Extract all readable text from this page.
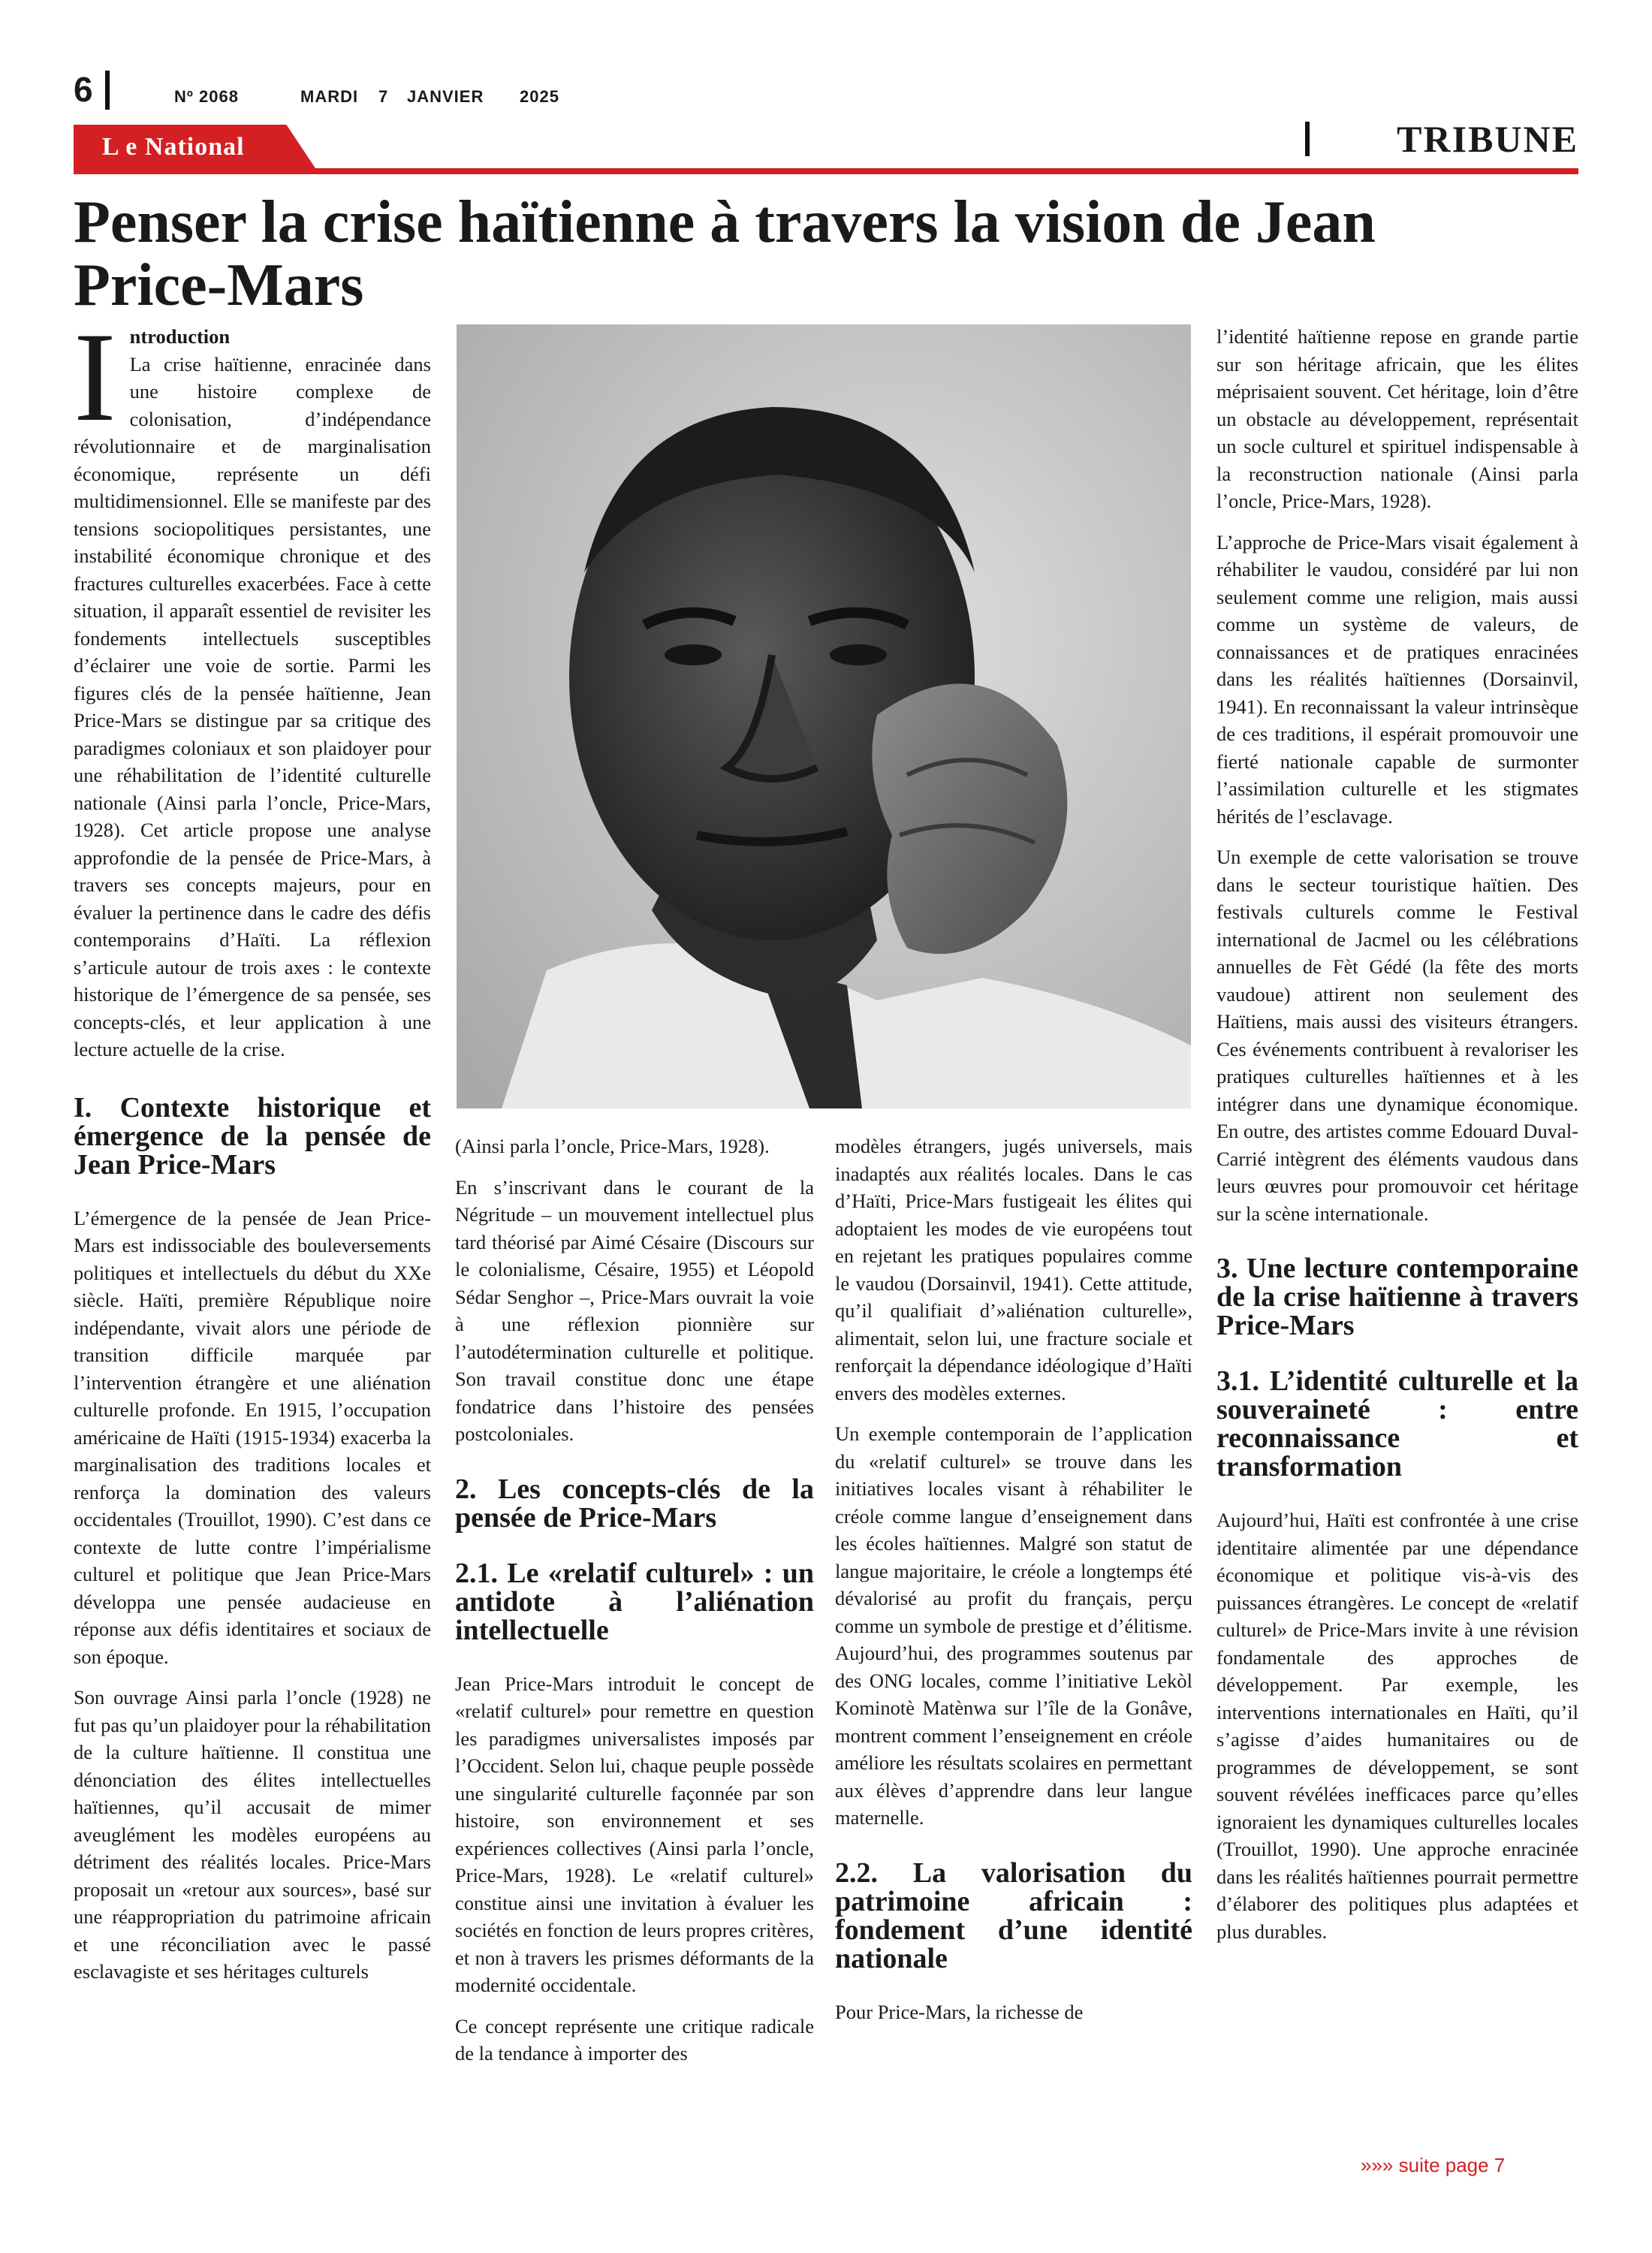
6	Nº 2068	MARDI 7 JANVIER 2025
L e National	TRIBUNE
Penser la crise haïtienne à travers la vision de Jean Price-Mars

I ntroduction
La crise haïtienne, enracinée dans une histoire complexe de colonisation, d’indépendance révolutionnaire et de marginalisation économique, représente un défi multidimensionnel. Elle se manifeste par des tensions sociopolitiques persistantes, une instabilité économique chronique et des fractures culturelles exacerbées. Face à cette situation, il apparaît essentiel de revisiter les fondements intellectuels susceptibles d’éclairer une voie de sortie. Parmi les figures clés de la pensée haïtienne, Jean Price-Mars se distingue par sa critique des paradigmes coloniaux et son plaidoyer pour une réhabilitation de l’identité culturelle nationale (Ainsi parla l’oncle, Price-Mars, 1928). Cet article propose une analyse approfondie de la pensée de Price-Mars, à travers ses concepts majeurs, pour en évaluer la pertinence dans le cadre des défis contemporains d’Haïti. La réflexion s’articule autour de trois axes : le contexte historique de l’émergence de sa pensée, ses concepts-clés, et leur application à une lecture actuelle de la crise.

I. Contexte historique et émergence de la pensée de Jean Price-Mars

L’émergence de la pensée de Jean Price-Mars est indissociable des bouleversements politiques et intellectuels du début du XXe siècle. Haïti, première République noire indépendante, vivait alors une période de transition difficile marquée par l’intervention étrangère et une aliénation culturelle profonde. En 1915, l’occupation américaine de Haïti (1915-1934) exacerba la marginalisation des traditions locales et renforça la domination des valeurs occidentales (Trouillot, 1990). C’est dans ce contexte de lutte contre l’impérialisme culturel et politique que Jean Price-Mars développa une pensée audacieuse en réponse aux défis identitaires et sociaux de son époque.

Son ouvrage Ainsi parla l’oncle (1928) ne fut pas qu’un plaidoyer pour la réhabilitation de la culture haïtienne. Il constitua une dénonciation des élites intellectuelles haïtiennes, qu’il accusait de mimer aveuglément les modèles européens au détriment des réalités locales. Price-Mars proposait un «retour aux sources», basé sur une réappropriation du patrimoine africain et une réconciliation avec le passé esclavagiste et ses héritages culturels

(Ainsi parla l’oncle, Price-Mars, 1928).

En s’inscrivant dans le courant de la Négritude – un mouvement intellectuel plus tard théorisé par Aimé Césaire (Discours sur le colonialisme, Césaire, 1955) et Léopold Sédar Senghor –, Price-Mars ouvrait la voie à une réflexion pionnière sur l’autodétermination culturelle et politique. Son travail constitue donc une étape fondatrice dans l’histoire des pensées postcoloniales.

2. Les concepts-clés de la pensée de Price-Mars
2.1. Le «relatif culturel» : un antidote à l’aliénation intellectuelle

Jean Price-Mars introduit le concept de «relatif culturel» pour remettre en question les paradigmes universalistes imposés par l’Occident. Selon lui, chaque peuple possède une singularité culturelle façonnée par son histoire, son environnement et ses expériences collectives (Ainsi parla l’oncle, Price-Mars, 1928). Le «relatif culturel» constitue ainsi une invitation à évaluer les sociétés en fonction de leurs propres critères, et non à travers les prismes déformants de la modernité occidentale.

Ce concept représente une critique radicale de la tendance à importer des

modèles étrangers, jugés universels, mais inadaptés aux réalités locales. Dans le cas d’Haïti, Price-Mars fustigeait les élites qui adoptaient les modes de vie européens tout en rejetant les pratiques populaires comme le vaudou (Dorsainvil, 1941). Cette attitude, qu’il qualifiait d’»aliénation culturelle», alimentait, selon lui, une fracture sociale et renforçait la dépendance idéologique d’Haïti envers des modèles externes.

Un exemple contemporain de l’application du «relatif culturel» se trouve dans les initiatives locales visant à réhabiliter le créole comme langue d’enseignement dans les écoles haïtiennes. Malgré son statut de langue majoritaire, le créole a longtemps été dévalorisé au profit du français, perçu comme un symbole de prestige et d’élitisme. Aujourd’hui, des programmes soutenus par des ONG locales, comme l’initiative Lekòl Kominotè Matènwa sur l’île de la Gonâve, montrent comment l’enseignement en créole améliore les résultats scolaires en permettant aux élèves d’apprendre dans leur langue maternelle.

2.2. La valorisation du patrimoine africain : fondement d’une identité nationale

Pour Price-Mars, la richesse de

l’identité haïtienne repose en grande partie sur son héritage africain, que les élites méprisaient souvent. Cet héritage, loin d’être un obstacle au développement, représentait un socle culturel et spirituel indispensable à la reconstruction nationale (Ainsi parla l’oncle, Price-Mars, 1928).

L’approche de Price-Mars visait également à réhabiliter le vaudou, considéré par lui non seulement comme une religion, mais aussi comme un système de valeurs, de connaissances et de pratiques enracinées dans les réalités haïtiennes (Dorsainvil, 1941). En reconnaissant la valeur intrinsèque de ces traditions, il espérait promouvoir une fierté nationale capable de surmonter l’assimilation culturelle et les stigmates hérités de l’esclavage.

Un exemple de cette valorisation se trouve dans le secteur touristique haïtien. Des festivals culturels comme le Festival international de Jacmel ou les célébrations annuelles de Fèt Gédé (la fête des morts vaudoue) attirent non seulement des Haïtiens, mais aussi des visiteurs étrangers. Ces événements contribuent à revaloriser les pratiques culturelles haïtiennes et à les intégrer dans une dynamique économique. En outre, des artistes comme Edouard Duval-Carrié intègrent des éléments vaudous dans leurs œuvres pour promouvoir cet héritage sur la scène internationale.

3. Une lecture contemporaine de la crise haïtienne à travers Price-Mars
3.1. L’identité culturelle et la souveraineté : entre reconnaissance et transformation

Aujourd’hui, Haïti est confrontée à une crise identitaire alimentée par une dépendance économique et politique vis-à-vis des puissances étrangères. Le concept de «relatif culturel» de Price-Mars invite à une révision fondamentale des approches de développement. Par exemple, les interventions internationales en Haïti, qu’il s’agisse d’aides humanitaires ou de programmes de développement, se sont souvent révélées inefficaces parce qu’elles ignoraient les dynamiques culturelles locales (Trouillot, 1990). Une approche enracinée dans les réalités haïtiennes pourrait permettre d’élaborer des politiques plus adaptées et plus durables.

»»» suite page 7
